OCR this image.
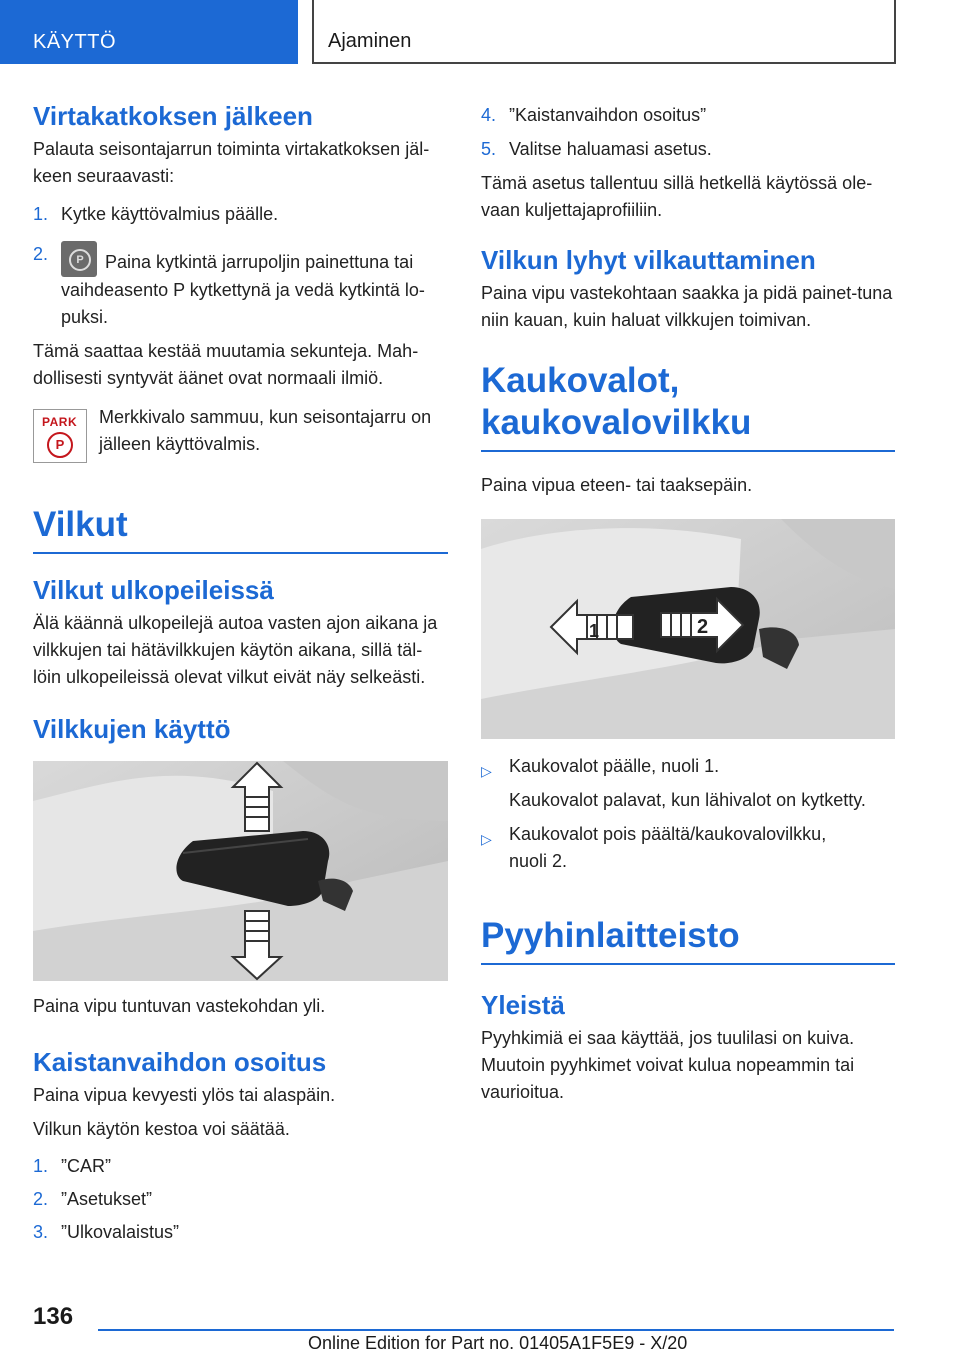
KÄYTTÖ	Ajaminen
Virtakatkoksen jälkeen

Palauta seisontajarrun toiminta virtakatkoksen jäl-keen seuraavasti:

1. Kytke käyttövalmius päälle.
2.	P	Paina kytkintä jarrupoljin painettuna tai vaihdeasento P kytkettynä ja vedä kytkintä lo-puksi.

Tämä saattaa kestää muutamia sekunteja. Mah-dollisesti syntyvät äänet ovat normaali ilmiö.

PARK
P

Merkkivalo sammuu, kun seisontajarru on jälleen käyttövalmis.

Vilkut
Vilkut ulkopeileissä

Älä käännä ulkopeilejä autoa vasten ajon aikana ja vilkkujen tai hätävilkkujen käytön aikana, sillä täl-löin ulkopeileissä olevat vilkut eivät näy selkeästi.

Vilkkujen käyttö

Paina vipu tuntuvan vastekohdan yli.

Kaistanvaihdon osoitus

Paina vipua kevyesti ylös tai alaspäin.

Vilkun käytön kestoa voi säätää.

1. ”CAR”
2. ”Asetukset”
3. ”Ulkovalaistus”
4. ”Kaistanvaihdon osoitus”
5. Valitse haluamasi asetus.

Tämä asetus tallentuu sillä hetkellä käytössä ole-vaan kuljettajaprofiiliin.

Vilkun lyhyt vilkauttaminen

Paina vipu vastekohtaan saakka ja pidä painet-tuna niin kauan, kuin haluat vilkkujen toimivan.

Kaukovalot, kaukovalovilkku

Paina vipua eteen- tai taaksepäin.

1	2
▷ Kaukovalot päälle, nuoli 1.

Kaukovalot palavat, kun lähivalot on kytketty.

▷ Kaukovalot pois päältä/kaukovalovilkku, nuoli 2.
Pyyhinlaitteisto
Yleistä

Pyyhkimiä ei saa käyttää, jos tuulilasi on kuiva. Muutoin pyyhkimet voivat kulua nopeammin tai vaurioitua.

136
Online Edition for Part no. 01405A1F5E9 - X/20
